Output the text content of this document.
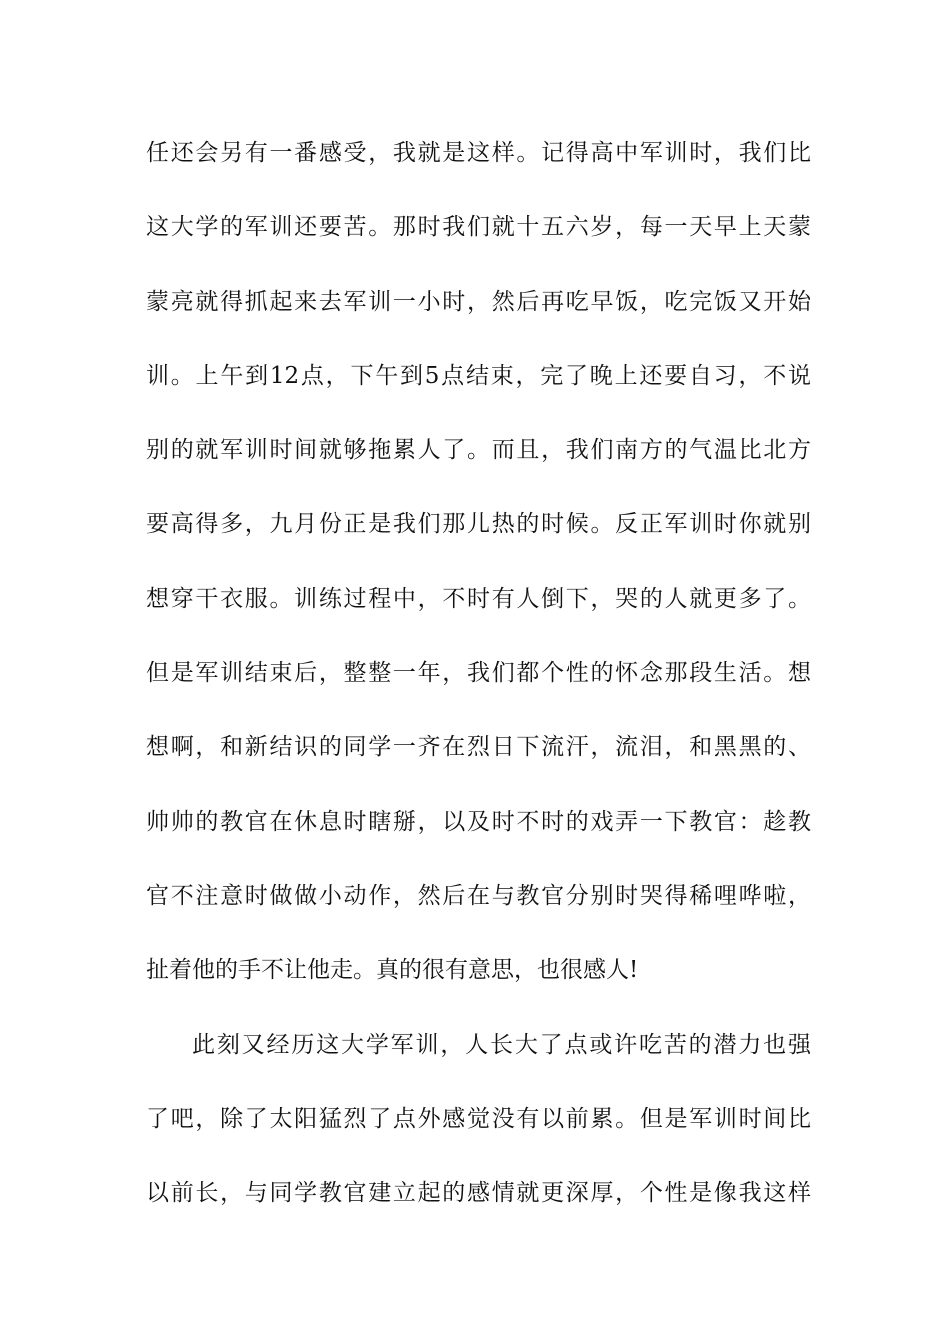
任还会另有一番感受，我就是这样。记得高中军训时，我们比
这大学的军训还要苦。那时我们就十五六岁，每一天早上天蒙
蒙亮就得抓起来去军训一小时，然后再吃早饭，吃完饭又开始
训。上午到12点，下午到5点结束，完了晚上还要自习，不说
别的就军训时间就够拖累人了。而且，我们南方的气温比北方
要高得多，九月份正是我们那儿热的时候。反正军训时你就别
想穿干衣服。训练过程中，不时有人倒下，哭的人就更多了。
但是军训结束后，整整一年，我们都个性的怀念那段生活。想
想啊，和新结识的同学一齐在烈日下流汗，流泪，和黑黑的、
帅帅的教官在休息时瞎掰，以及时不时的戏弄一下教官：趁教
官不注意时做做小动作，然后在与教官分别时哭得稀哩哗啦，
扯着他的手不让他走。真的很有意思，也很感人!
此刻又经历这大学军训，人长大了点或许吃苦的潜力也强
了吧，除了太阳猛烈了点外感觉没有以前累。但是军训时间比
以前长，与同学教官建立起的感情就更深厚，个性是像我这样
